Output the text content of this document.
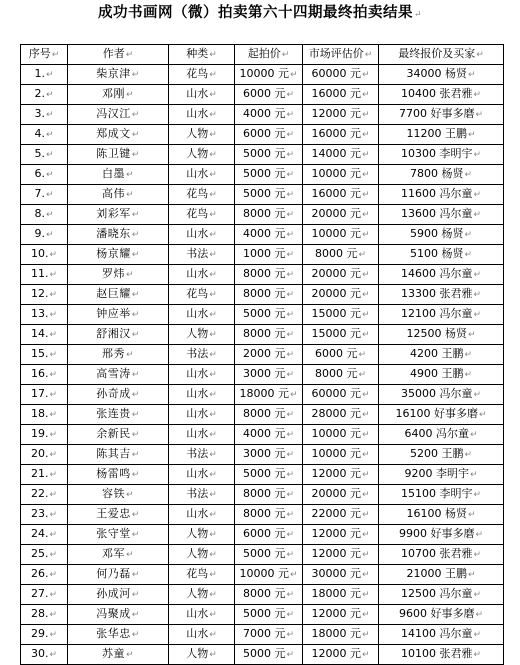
成功书画网（微）拍卖第六十四期最终拍卖结果↵
序号↵	作者↵	种类↵	起拍价↵	市场评估价↵	最终报价及买家↵
1.↵	柴京津↵	花鸟↵	10000 元↵	60000 元↵	34000 杨贤↵
2.↵	邓刚↵	山水↵	6000 元↵	16000 元↵	10400 张君雅↵
3.↵	冯汉江↵	山水↵	4000 元↵	12000 元↵	7700 好事多磨↵
4.↵	郑成文↵	人物↵	6000 元↵	16000 元↵	11200 王鹏↵
5.↵	陈卫键↵	人物↵	5000 元↵	14000 元↵	10300 李明宇↵
6.↵	白墨↵	山水↵	5000 元↵	10000 元↵	7800 杨贤↵
7.↵	高伟↵	花鸟↵	5000 元↵	16000 元↵	11600 冯尔童↵
8.↵	刘彩军↵	花鸟↵	8000 元↵	20000 元↵	13600 冯尔童↵
9.↵	潘晓东↵	山水↵	4000 元↵	10000 元↵	5900 杨贤↵
10.↵	杨京耀↵	书法↵	1000 元↵	8000 元↵	5100 杨贤↵
11.↵	罗炜↵	山水↵	8000 元↵	20000 元↵	14600 冯尔童↵
12.↵	赵巨耀↵	花鸟↵	8000 元↵	20000 元↵	13300 张君雅↵
13.↵	钟应举↵	山水↵	5000 元↵	15000 元↵	12100 冯尔童↵
14.↵	舒湘汉↵	人物↵	8000 元↵	15000 元↵	12500 杨贤↵
15.↵	邢秀↵	书法↵	2000 元↵	6000 元↵	4200 王鹏↵
16.↵	高雪涛↵	山水↵	3000 元↵	8000 元↵	4900 王鹏↵
17.↵	孙奇成↵	山水↵	18000 元↵	60000 元↵	35000 冯尔童↵
18.↵	张连贵↵	山水↵	8000 元↵	28000 元↵	16100 好事多磨↵
19.↵	余新民↵	山水↵	4000 元↵	10000 元↵	6400 冯尔童↵
20.↵	陈其吉↵	书法↵	3000 元↵	10000 元↵	5200 王鹏↵
21.↵	杨雷鸣↵	山水↵	5000 元↵	12000 元↵	9200 李明宇↵
22.↵	容铁↵	书法↵	8000 元↵	20000 元↵	15100 李明宇↵
23.↵	王爱忠↵	山水↵	8000 元↵	22000 元↵	16100 杨贤↵
24.↵	张守堂↵	人物↵	6000 元↵	12000 元↵	9900 好事多磨↵
25.↵	邓军↵	人物↵	5000 元↵	12000 元↵	10700 张君雅↵
26.↵	何乃磊↵	花鸟↵	10000 元↵	30000 元↵	21000 王鹏↵
27.↵	孙成河↵	人物↵	8000 元↵	18000 元↵	12500 冯尔童↵
28.↵	冯聚成↵	山水↵	5000 元↵	12000 元↵	9600 好事多磨↵
29.↵	张华忠↵	山水↵	7000 元↵	18000 元↵	14100 冯尔童↵
30.↵	苏童↵	人物↵	5000 元↵	12000 元↵	10100 张君雅↵
